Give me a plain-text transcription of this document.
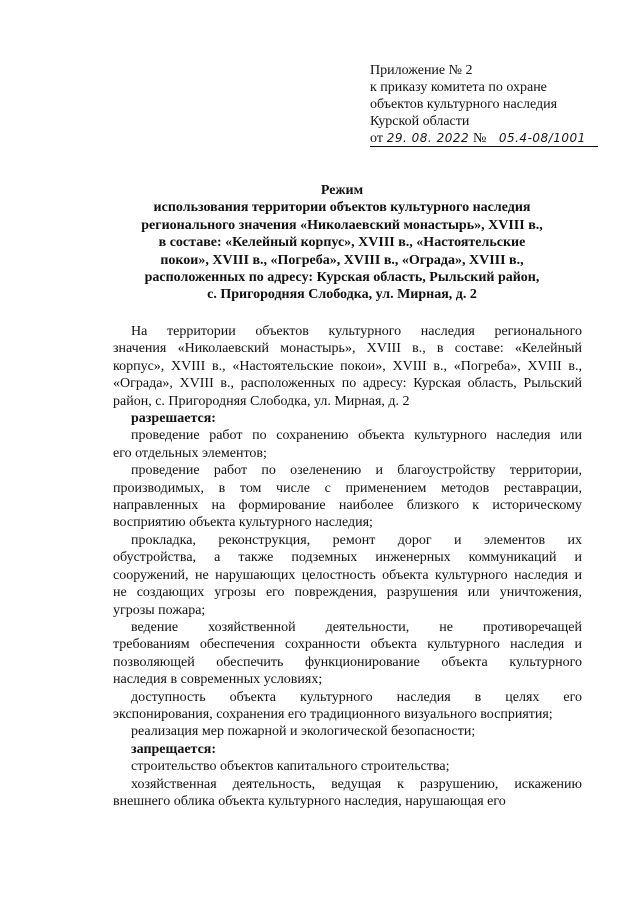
Приложение № 2
к приказу комитета по охране
объектов культурного наследия
Курской области
от 29. 08. 2022 № 05.4-08/1001
Режим
использования территории объектов культурного наследия
регионального значения «Николаевский монастырь», XVIII в.,
в составе: «Келейный корпус», XVIII в., «Настоятельские
покои», XVIII в., «Погреба», XVIII в., «Ограда», XVIII в.,
расположенных по адресу: Курская область, Рыльский район,
с. Пригородняя Слободка, ул. Мирная, д. 2
На территории объектов культурного наследия регионального
значения «Николаевский монастырь», XVIII в., в составе: «Келейный
корпус», XVIII в., «Настоятельские покои», XVIII в., «Погреба», XVIII в.,
«Ограда», XVIII в., расположенных по адресу: Курская область, Рыльский
район, с. Пригородняя Слободка, ул. Мирная, д. 2
разрешается:
проведение работ по сохранению объекта культурного наследия или
его отдельных элементов;
проведение работ по озеленению и благоустройству территории,
производимых, в том числе с применением методов реставрации,
направленных на формирование наиболее близкого к историческому
восприятию объекта культурного наследия;
прокладка, реконструкция, ремонт дорог и элементов их
обустройства, а также подземных инженерных коммуникаций и
сооружений, не нарушающих целостность объекта культурного наследия и
не создающих угрозы его повреждения, разрушения или уничтожения,
угрозы пожара;
ведение хозяйственной деятельности, не противоречащей
требованиям обеспечения сохранности объекта культурного наследия и
позволяющей обеспечить функционирование объекта культурного
наследия в современных условиях;
доступность объекта культурного наследия в целях его
экспонирования, сохранения его традиционного визуального восприятия;
реализация мер пожарной и экологической безопасности;
запрещается:
строительство объектов капитального строительства;
хозяйственная деятельность, ведущая к разрушению, искажению
внешнего облика объекта культурного наследия, нарушающая его
